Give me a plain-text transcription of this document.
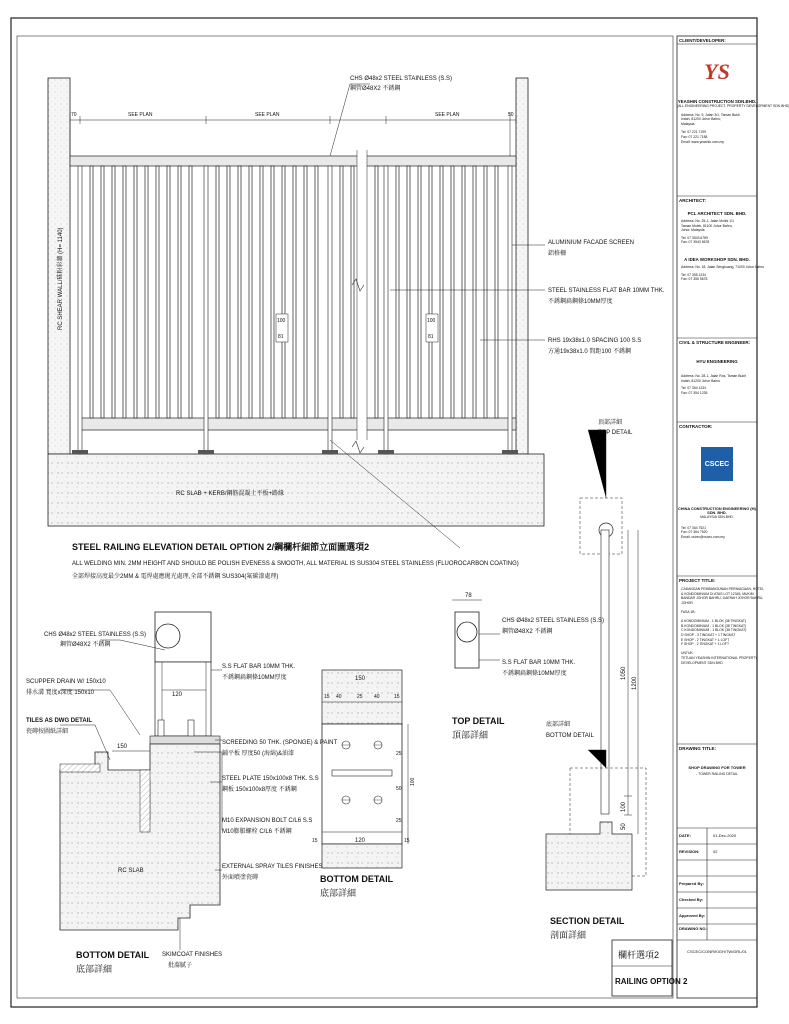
SEE PLAN	SEE PLAN	SEE PLAN
70	50
CHS Ø48x2 STEEL STAINLESS (S.S)
鋼管Ø48X2 不銹鋼
RC SHEAR WALL/硃粉彩牆 (H= 1140)	ALUMINIUM FACADE SCREEN
鋁格柵
STEEL STAINLESS FLAT BAR 10MM THK.
不銹鋼扁鋼條10MM厚度
RHS 19x38x1.0 SPACING 100 S.S
方通19x38x1.0 間距100 不銹鋼
100
81
100
81
RC SLAB + KERB/鋼筋混凝土平板+路緣
STEEL RAILING ELEVATION DETAIL OPTION 2/鋼欄杆細節立面圖選項2
ALL WELDING MIN. 2MM HEIGHT AND SHOULD BE POLISH EVENESS & SMOOTH, ALL MATERIAL IS SUS304 STEEL STAINLESS (FLUOROCARBON COATING)
全部焊接高度最少2MM & 電焊處應拋光處理,全部不銹鋼 SUS304(氟碳漆處理)
CHS Ø48x2 STEEL STAINLESS (S.S)
鋼管Ø48X2 不銹鋼
SCUPPER DRAIN W/ 150x10
排水溝 寬度x深度 150x10
TILES AS DWG DETAIL
瓷磚按圖紙詳細
120
150
S.S FLAT BAR 10MM THK.
不銹鋼扁鋼條10MM厚度
SCREEDING 50 THK. (SPONGE) & PAINT
鋪平板 厚度50 (海綿)&油漆
STEEL PLATE 150x100x8 THK. S.S
鋼板 150x100x8厚度 不銹鋼
M10 EXPANSION BOLT C/L6 S.S
M10膨脹螺栓 C/L6 不銹鋼
EXTERNAL SPRAY TILES FINISHES
外面噴塗瓷磚
RC SLAB
SKIMCOAT FINISHES
批蕩膩子
BOTTOM DETAIL
底部詳細
150
15 40	25 40	15
25
50
25
100
120
15	15
BOTTOM DETAIL
底部詳細
78
CHS Ø48x2 STEEL STAINLESS (S.S)
鋼管Ø48X2 不銹鋼
S.S FLAT BAR 10MM THK.
不銹鋼扁鋼條10MM厚度
TOP DETAIL
頂部詳細
頂部詳細
TOP DETAIL
底部詳細
BOTTOM DETAIL
1050
1200
100
50
SECTION DETAIL
剖面詳細
欄杆選項2
RAILING OPTION 2
CLIENT/DEVELOPER:
YS
YEASHIN CONSTRUCTION SDN.BHD.
(ALL ENGINEERING PROJECT, PROPERTY DEVELOPMENT SDN BHD)
Address: No. 9, Jalan 3/1, Taman Bukit
Indah, 81200 Johor Bahru,
Malaysia
Tel: 07 221 7199
Fax: 07 221 7188
Email: www.yeashin.com.my
ARCHITECT:
PCL ARCHITECT SDN. BHD.
Address: No. 25-1, Jalan Molek 1/1
Taman Molek, 81100 Johor Bahru,
Johor, Malaysia
Tel: 07 3543 6789
Fax: 07 3543 5678
A IDEA WORKSHOP SDN. BHD.
Address: No. 18, Jalan Sengkuang, 71000 Johor Bahru
Tel: 07 355 1234
Fax: 07 355 5678
CIVIL & STRUCTURE ENGINEER:
HYU ENGINEERING
Address: No. 28-1, Jalan Ros, Taman Bukit
Indah, 81200 Johor Bahru
Tel: 07 354 1234
Fax: 07 354 1235
CONTRACTOR:
CSCEC
CHINA CONSTRUCTION ENGINEERING (M) SDN. BHD.
MALAYSIA SDN.BHD.
Tel: 07 364 7521
Fax: 07 364 7520
Email: cscec@cscec.com.my
PROJECT TITLE:
CADANGAN PEMBANGUNAN PERNIAGAAN, HOTEL
& KONDOMINIUM DI ATAS LOT 12345, MUKIM
BANDAR JOHOR BAHRU, DAERAH JOHOR BAHRU,
JOHOR
FASA 1B:
A KONDOMINIUM - 1 BLOK (38 TINGKAT)
B KONDOMINIUM - 1 BLOK (38 TINGKAT)
C KONDOMINIUM - 1 BLOK (38 TINGKAT)
D SHOP - 3 TINGKAT + 1 TINGKAT
E SHOP - 2 TINGKAT + 1 LOFT
F SHOP - 2 TINGKAT + 1 LOFT
UNTUK:
TETUAN YEASHIN INTERNATIONAL PROPERTY
DEVELOPMENT SDN BHD
DRAWING TITLE:
SHOP DRAWING FOR TOWER
- TOWER RAILING DETAIL
DATE:	01-Dec-2020
REVISION:	02
Prepared By:
Checked By:
Approved By:
DRAWING NO.:
CSCEC/CONR/KIGH/TW/DRL/01
